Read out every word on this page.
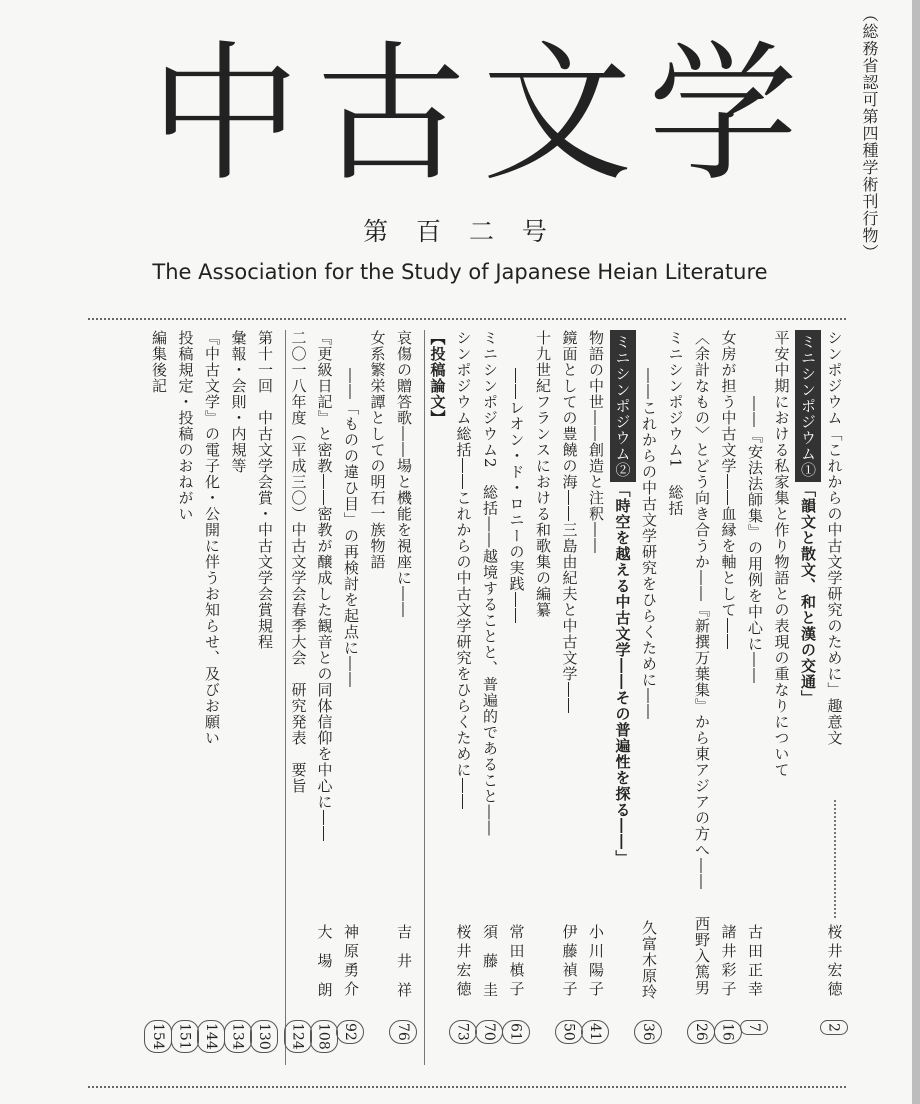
（総務省認可第四種学術刊行物）
中古文学
第 百 二 号
The Association for the Study of Japanese Heian Literature
シンポジウム「これからの中古文学研究のために」趣意文
桜井宏徳
2
ミニシンポジウム①「韻文と散文、和と漢の交通」
平安中期における私家集と作り物語との表現の重なりについて
――『安法法師集』の用例を中心に――
古田正幸
7
女房が担う中古文学――血縁を軸として――
諸井彩子
16
〈余計なもの〉とどう向き合うか――『新撰万葉集』から東アジアの方へ――
西野入篤男
26
ミニシンポジウム1　総括
――これからの中古文学研究をひらくために――
久富木原玲
36
ミニシンポジウム②「時空を越える中古文学――その普遍性を探る――」
物語の中世――創造と注釈――
小川陽子
41
鏡面としての豊饒の海――三島由紀夫と中古文学――
伊藤禎子
50
十九世紀フランスにおける和歌集の編纂
――レオン・ド・ロニーの実践――
常田槙子
61
ミニシンポジウム2　総括――越境することと、普遍的であること――
須藤圭
70
シンポジウム総括――これからの中古文学研究をひらくために――
桜井宏徳
73
【投稿論文】
哀傷の贈答歌――場と機能を視座に――
吉井祥
76
女系繁栄譚としての明石一族物語
――「ものの違ひ目」の再検討を起点に――
神原勇介
92
『更級日記』と密教――密教が醸成した観音との同体信仰を中心に――
大場朗
108
二〇一八年度（平成三〇）中古文学会春季大会　研究発表　要旨
124
第十一回　中古文学会賞・中古文学会賞規程
130
彙報・会則・内規等
134
『中古文学』の電子化・公開に伴うお知らせ、及びお願い
144
投稿規定・投稿のおねがい
151
編集後記
154
